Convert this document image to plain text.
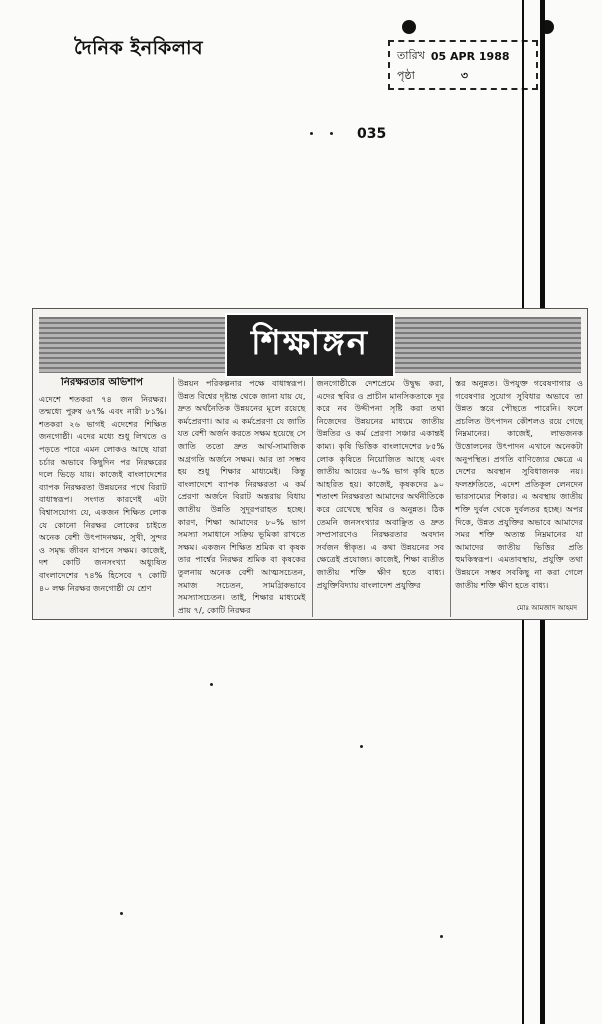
দৈনিক ইনকিলাব	তারিখ 05 APR 1988
পৃষ্ঠা	৩
035
শিক্ষাঙ্গন
নিরক্ষরতার অভিশাপ
এদেশে শতকরা ৭৪ জন নিরক্ষর। তন্মধ্যে পুরুষ ৬৭% এবং নারী ৮১%। শতকরা ২৬ ভাগই এদেশের শিক্ষিত জনগোষ্ঠী। এদের মধ্যে শুধু লিখতে ও পড়তে পারে এমন লোকও আছে যারা চর্চার অভাবে কিছুদিন পর নিরক্ষরের দলে ভিড়ে যায়। কাজেই বাংলাদেশের ব্যাপক নিরক্ষরতা উন্নয়নের পথে বিরাট বাধাস্বরূপ। সংগত কারণেই এটা বিশ্বাসযোগ্য যে, একজন শিক্ষিত লোক যে কোনো নিরক্ষর লোকের চাইতে অনেক বেশী উৎপাদনক্ষম, সুখী, সুন্দর ও সমৃদ্ধ জীবন যাপনে সক্ষম। কাজেই, দশ কোটি জনসংখ্যা অধ্যুষিত বাংলাদেশের ৭৪% হিসেবে ৭ কোটি ৪০ লক্ষ নিরক্ষর জনগোষ্ঠী যে শ্রেণ
উন্নয়ন পরিকল্পনার পক্ষে বাধাস্বরূপ। উন্নত বিশ্বের দৃষ্টান্ত থেকে জানা যায় যে, দ্রুত অর্থনৈতিক উন্নয়নের মূলে রয়েছে কর্মপ্রেরণা। আর এ কর্মপ্রেরণা যে জাতি যত বেশী অর্জন করতে সক্ষম হয়েছে সে জাতি ততো দ্রুত আর্থ-সামাজিক অগ্রগতি অর্জনে সক্ষম। আর তা সম্ভব হয় শুধু শিক্ষার মাধ্যমেই। কিন্তু বাংলাদেশে ব্যাপক নিরক্ষরতা এ কর্ম প্রেরণা অর্জনে বিরাট অন্তরায় বিধায় জাতীয় উন্নতি সুদূরপরাহত হচ্ছে। কারণ, শিক্ষা আমাদের ৮০% ভাগ সমস্যা সমাধানে সক্রিয় ভূমিকা রাখতে সক্ষম। একজন শিক্ষিত শ্রমিক বা কৃষক তার পার্শ্বের নিরক্ষর শ্রমিক বা কৃষকের তুলনায় অনেক বেশী আত্মসচেতন, সমাজ সচেতন, সামগ্রিকভাবে সমস্যাসচেতন। তাই, শিক্ষার মাধ্যমেই প্রায় ৭/, কোটি নিরক্ষর
জনগোষ্ঠীকে দেশপ্রেমে উদ্বুদ্ধ করা, এদের স্থবির ও প্রাচীন মানসিকতাকে দূর করে নব উদ্দীপনা সৃষ্টি করা তথা নিজেদের উন্নয়নের মাধ্যমে জাতীয় উন্নতির ও কর্ম প্রেরণা সঞ্চার একান্তই কাম্য। কৃষি ভিত্তিক বাংলাদেশের ৮৫% লোক কৃষিতে নিয়োজিত আছে এবং জাতীয় আয়ের ৬০% ভাগ কৃষি হতে আহরিত হয়। কাজেই, কৃষকদের ৯০ শতাংশ নিরক্ষরতা আমাদের অর্থনীতিকে করে রেখেছে স্থবির ও অনুন্নত। ঠিক তেমনি জনসংখ্যার অবাঞ্ছিত ও দ্রুত সম্প্রসারণেও নিরক্ষরতার অবদান সর্বজন স্বীকৃত। এ কথা উন্নয়নের সব ক্ষেত্রেই প্রযোজ্য। কাজেই, শিক্ষা ব্যতীত জাতীয় শক্তি ক্ষীণ হতে বাধ্য। প্রযুক্তিবিদ্যায় বাংলাদেশ প্রযুক্তির
স্তর অনুন্নত। উপযুক্ত গবেষণাগার ও গবেষণার সুযোগ সুবিধার অভাবে তা উন্নত স্তরে পৌছতে পারেনি। ফলে প্রচলিত উৎপাদন কৌশলও রয়ে গেছে নিম্নমানের। কাজেই, লাভজনক উত্তোলনের উৎপাদন এখানে অনেকটা অনুপস্থিত। প্রগতি বাণিজ্যের ক্ষেত্রে এ দেশের অবস্থান সুবিধাজনক নয়। ফলশ্রুতিতে, এদেশ প্রতিকূল লেনদেন ভারসাম্যের শিকার। এ অবস্থায় জাতীয় শক্তি দুর্বল থেকে দুর্বলতর হচ্ছে। অপর দিকে, উন্নত প্রযুক্তির অভাবে আমাদের সমর শক্তি অত্যন্ত নিম্নমানের যা আমাদের জাতীয় ভিত্তির প্রতি হুমকিস্বরূপ। এমতাবস্থায়, প্রযুক্তি তথা উন্নয়নে সম্ভব সবকিছু না করা গেলে জাতীয় শক্তি ক্ষীণ হতে বাধ্য।
মোঃ আমজাদ আহমদ
